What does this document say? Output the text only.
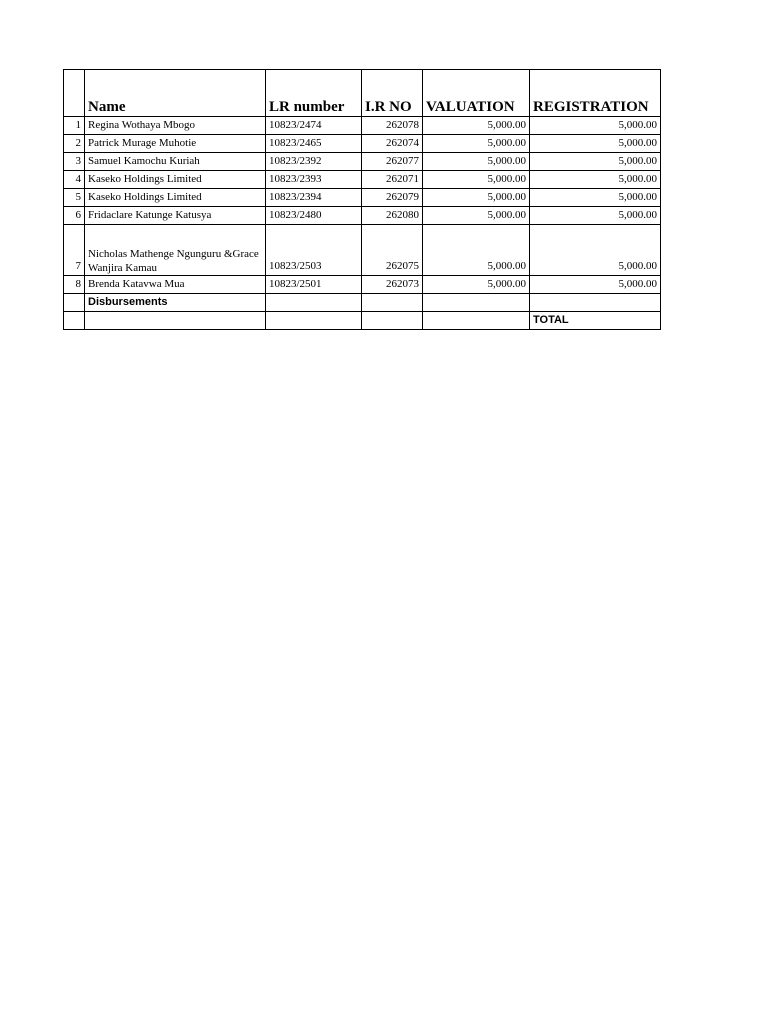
	Name	LR number	I.R NO	VALUATION	REGISTRATION
1	Regina Wothaya Mbogo	10823/2474	262078	5,000.00	5,000.00
2	Patrick Murage Muhotie	10823/2465	262074	5,000.00	5,000.00
3	Samuel Kamochu Kuriah	10823/2392	262077	5,000.00	5,000.00
4	Kaseko Holdings Limited	10823/2393	262071	5,000.00	5,000.00
5	Kaseko Holdings Limited	10823/2394	262079	5,000.00	5,000.00
6	Fridaclare Katunge Katusya	10823/2480	262080	5,000.00	5,000.00
7	Nicholas Mathenge Ngunguru &Grace Wanjira Kamau	10823/2503	262075	5,000.00	5,000.00
8	Brenda Katavwa Mua	10823/2501	262073	5,000.00	5,000.00
	Disbursements				
					TOTAL
